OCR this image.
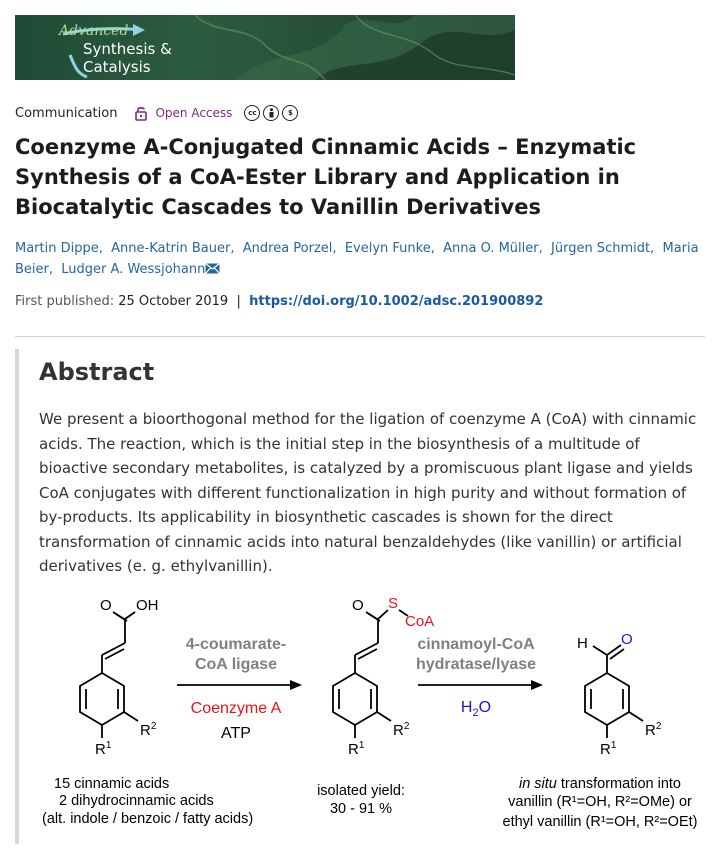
Advanced
Synthesis &
Catalysis
Communication	Open Access	cc	$
Coenzyme A-Conjugated Cinnamic Acids – Enzymatic Synthesis of a CoA-Ester Library and Application in Biocatalytic Cascades to Vanillin Derivatives
Martin Dippe,  Anne-Katrin Bauer,  Andrea Porzel,  Evelyn Funke,  Anna O. Müller,  Jürgen Schmidt,  Maria Beier,  Ludger A. Wessjohann
First published: 25 October 2019 | https://doi.org/10.1002/adsc.201900892
Abstract

We present a bioorthogonal method for the ligation of coenzyme A (CoA) with cinnamic acids. The reaction, which is the initial step in the biosynthesis of a multitude of bioactive secondary metabolites, is catalyzed by a promiscuous plant ligase and yields CoA conjugates with different functionalization in high purity and without formation of by-products. Its applicability in biosynthetic cascades is shown for the direct transformation of cinnamic acids into natural benzaldehydes (like vanillin) or artificial derivatives (e. g. ethylvanillin).

O OH
$R^2$
$R^1$
4-coumarate-
CoA ligase
Coenzyme A
ATP
O S
CoA
$R^2$
$R^1$
cinnamoyl-CoA
hydratase/lyase
$H_2O$
H O
$R^2$
$R^1$
15 cinnamic acids
2 dihydrocinnamic acids
(alt. indole / benzoic / fatty acids)
isolated yield:
30 - 91 %
in situ transformation into
vanillin (R¹=OH, R²=OMe) or
ethyl vanillin (R¹=OH, R²=OEt)
